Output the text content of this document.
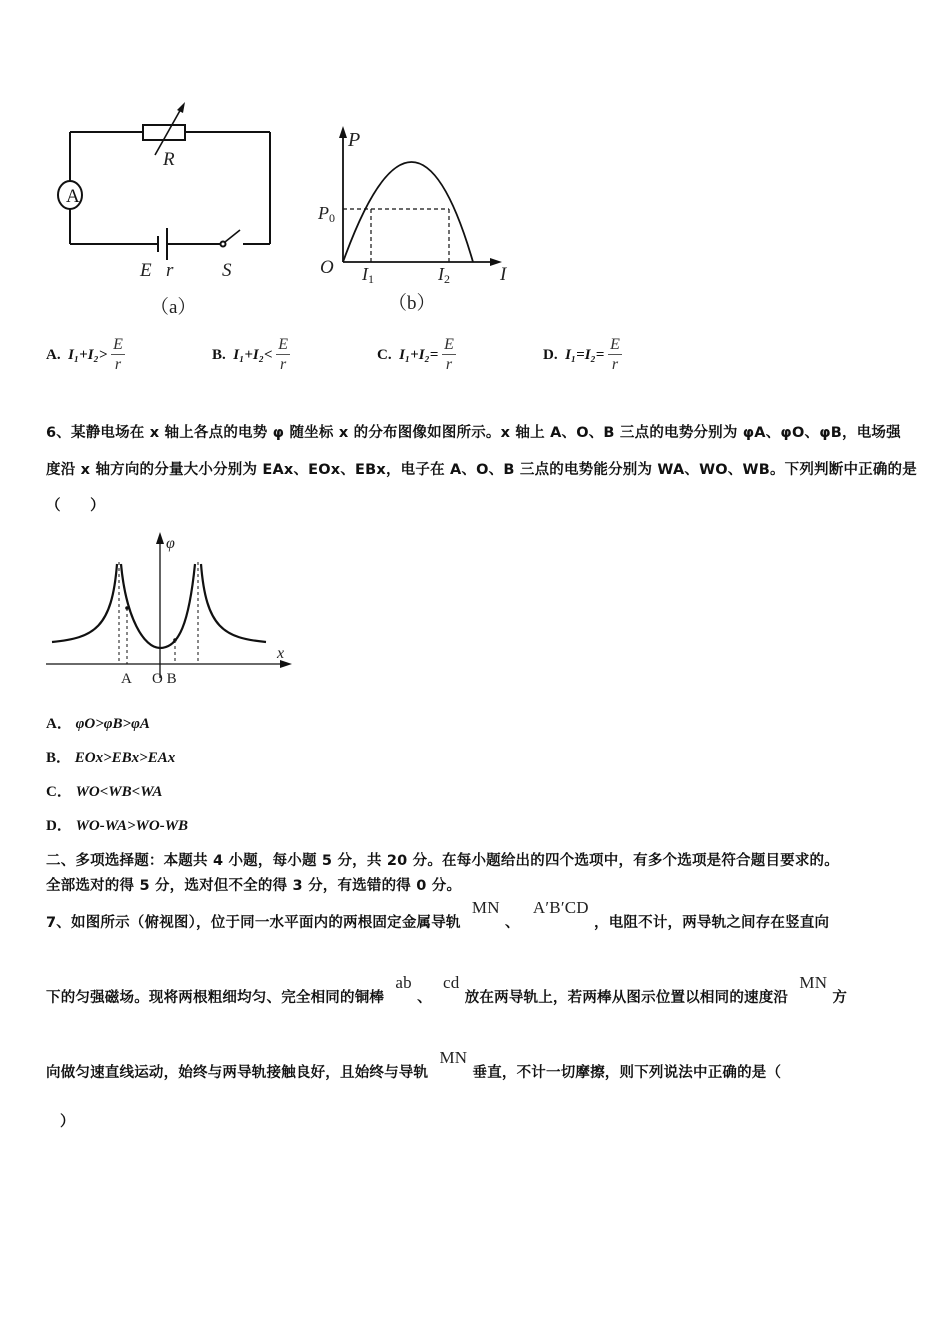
A
R
E r	S
（a）
P
P0
O I1	I2	I
（b）
A. $I_1+I_2> \frac{E}{r}$	B. $I_1+I_2< \frac{E}{r}$	C. $I_1+I_2= \frac{E}{r}$	D. $I_1=I_2= \frac{E}{r}$
6、某静电场在 x 轴上各点的电势 φ 随坐标 x 的分布图像如图所示。x 轴上 A、O、B 三点的电势分别为 φA、φO、φB，电场强
度沿 x 轴方向的分量大小分别为 EAx、EOx、EBx，电子在 A、O、B 三点的电势能分别为 WA、WO、WB。下列判断中正确的是
（　　）
φ
x
A O B
A． φO>φB>φA
B． EOx>EBx>EAx
C． WO<WB<WA
D． WO-WA>WO-WB
二、多项选择题：本题共 4 小题，每小题 5 分，共 20 分。在每小题给出的四个选项中，有多个选项是符合题目要求的。
全部选对的得 5 分，选对但不全的得 3 分，有选错的得 0 分。
7、如图所示（俯视图），位于同一水平面内的两根固定金属导轨 MN 、 A′B′CD ，电阻不计，两导轨之间存在竖直向
下的匀强磁场。现将两根粗细均匀、完全相同的铜棒 ab 、 cd 放在两导轨上，若两棒从图示位置以相同的速度沿 MN 方
向做匀速直线运动，始终与两导轨接触良好，且始终与导轨 MN 垂直，不计一切摩擦，则下列说法中正确的是（
）
